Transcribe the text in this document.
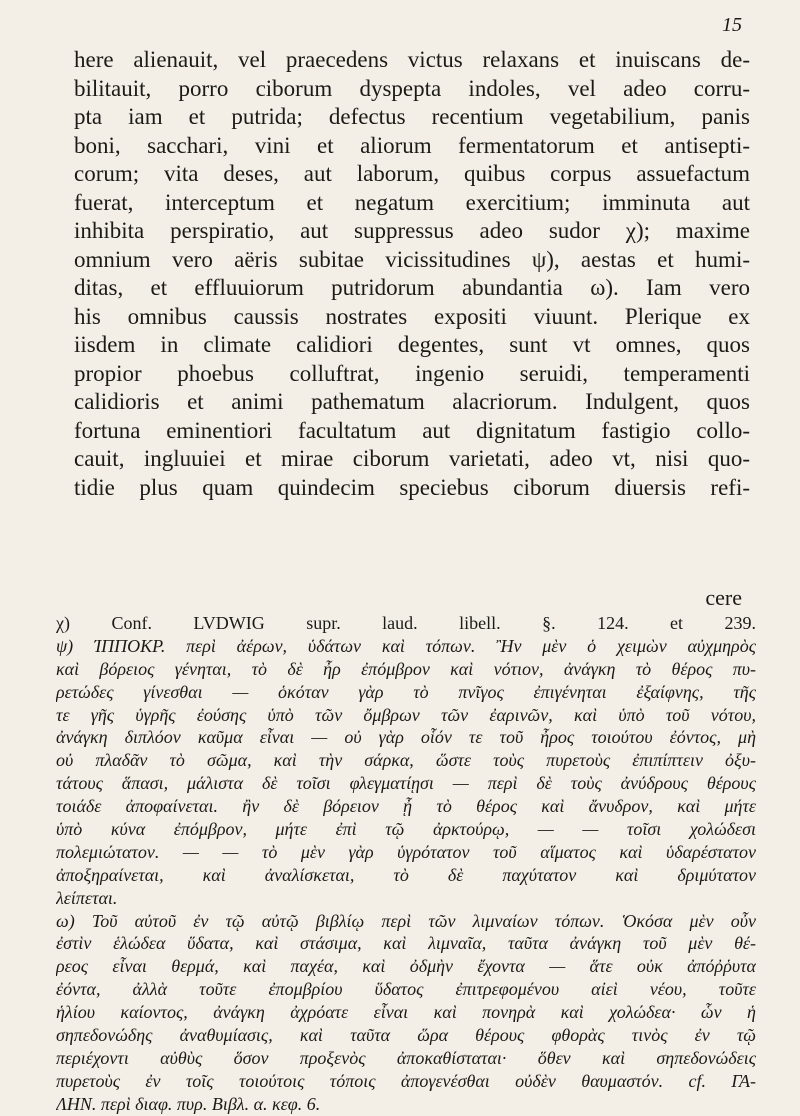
15
here alienauit, vel praecedens victus relaxans et inuiscans de-
bilitauit, porro ciborum dyspepta indoles, vel adeo corru-
pta iam et putrida; defectus recentium vegetabilium, panis
boni, sacchari, vini et aliorum fermentatorum et antisepti-
corum; vita deses, aut laborum, quibus corpus assuefactum
fuerat, interceptum et negatum exercitium; imminuta aut
inhibita perspiratio, aut suppressus adeo sudor χ); maxime
omnium vero aëris subitae vicissitudines ψ), aestas et humi-
ditas, et effluuiorum putridorum abundantia ω). Iam vero
his omnibus caussis nostrates expositi viuunt. Plerique ex
iisdem in climate calidiori degentes, sunt vt omnes, quos
propior phoebus colluftrat, ingenio seruidi, temperamenti
calidioris et animi pathematum alacriorum. Indulgent, quos
fortuna eminentiori facultatum aut dignitatum fastigio collo-
cauit, ingluuiei et mirae ciborum varietati, adeo vt, nisi quo-
tidie plus quam quindecim speciebus ciborum diuersis refi-
cere
χ) Conf. LVDWIG supr. laud. libell. §. 124. et 239.
ψ) ΊΠΠΟΚΡ. περὶ ἀέρων, ὑδάτων καὶ τόπων. Ἢν μὲν ὁ χειμὼν αὐχμηρὸς
καὶ βόρειος γένηται, τὸ δὲ ἦρ ἐπόμβρον καὶ νότιον, ἀνάγκη τὸ θέρος πυ-
ρετώδες γίνεσθαι — ὁκόταν γὰρ τὸ πνῖγος ἐπιγένηται ἐξαίφνης, τῆς
τε γῆς ὑγρῆς ἐούσης ὑπὸ τῶν ὄμβρων τῶν ἐαρινῶν, καὶ ὑπὸ τοῦ νότου,
ἀνάγκη διπλόον καῦμα εἶναι — οὐ γὰρ οἷόν τε τοῦ ἦρος τοιούτου ἐόντος, μὴ
οὐ πλαδᾶν τὸ σῶμα, καὶ τὴν σάρκα, ὥστε τοὺς πυρετοὺς ἐπιπίπτειν ὀξυ-
τάτους ἅπασι, μάλιστα δὲ τοῖσι φλεγματίῃσι — περὶ δὲ τοὺς ἀνύδρους θέρους
τοιάδε ἀποφαίνεται. ἢν δὲ βόρειον ᾖ τὸ θέρος καὶ ἄνυδρον, καὶ μήτε
ὑπὸ κύνα ἐπόμβρον, μήτε ἐπὶ τῷ ἀρκτούρῳ, — — τοῖσι χολώδεσι
πολεμιώτατον. — — τὸ μὲν γὰρ ὑγρότατον τοῦ αἵματος καὶ ὑδαρέστατον
ἀποξηραίνεται, καὶ ἀναλίσκεται, τὸ δὲ παχύτατον καὶ δριμύτατον
λείπεται.
ω) Τοῦ αὐτοῦ ἐν τῷ αὐτῷ βιβλίῳ περὶ τῶν λιμναίων τόπων. Ὁκόσα μὲν οὖν
ἐστὶν ἑλώδεα ὕδατα, καὶ στάσιμα, καὶ λιμναῖα, ταῦτα ἀνάγκη τοῦ μὲν θέ-
ρεος εἶναι θερμά, καὶ παχέα, καὶ ὀδμὴν ἔχοντα — ἅτε οὐκ ἀπόῤῥυτα
ἐόντα, ἀλλὰ τοῦτε ἐπομβρίου ὕδατος ἐπιτρεφομένου αἰεὶ νέου, τοῦτε
ἡλίου καίοντος, ἀνάγκη ἀχρόατε εἶναι καὶ πονηρὰ καὶ χολώδεα· ὧν ἡ
σηπεδονώδης ἀναθυμίασις, καὶ ταῦτα ὥρα θέρους φθορὰς τινὸς ἐν τῷ
περιέχοντι αὐθὺς ὅσον προξενὸς ἀποκαθίσταται· ὅθεν καὶ σηπεδονώδεις
πυρετοὺς ἐν τοῖς τοιούτοις τόποις ἀπογενέσθαι οὐδὲν θαυμαστόν. cf. ΓΑ-
ΛΗΝ. περὶ διαφ. πυρ. Βιβλ. α. κεφ. 6.
